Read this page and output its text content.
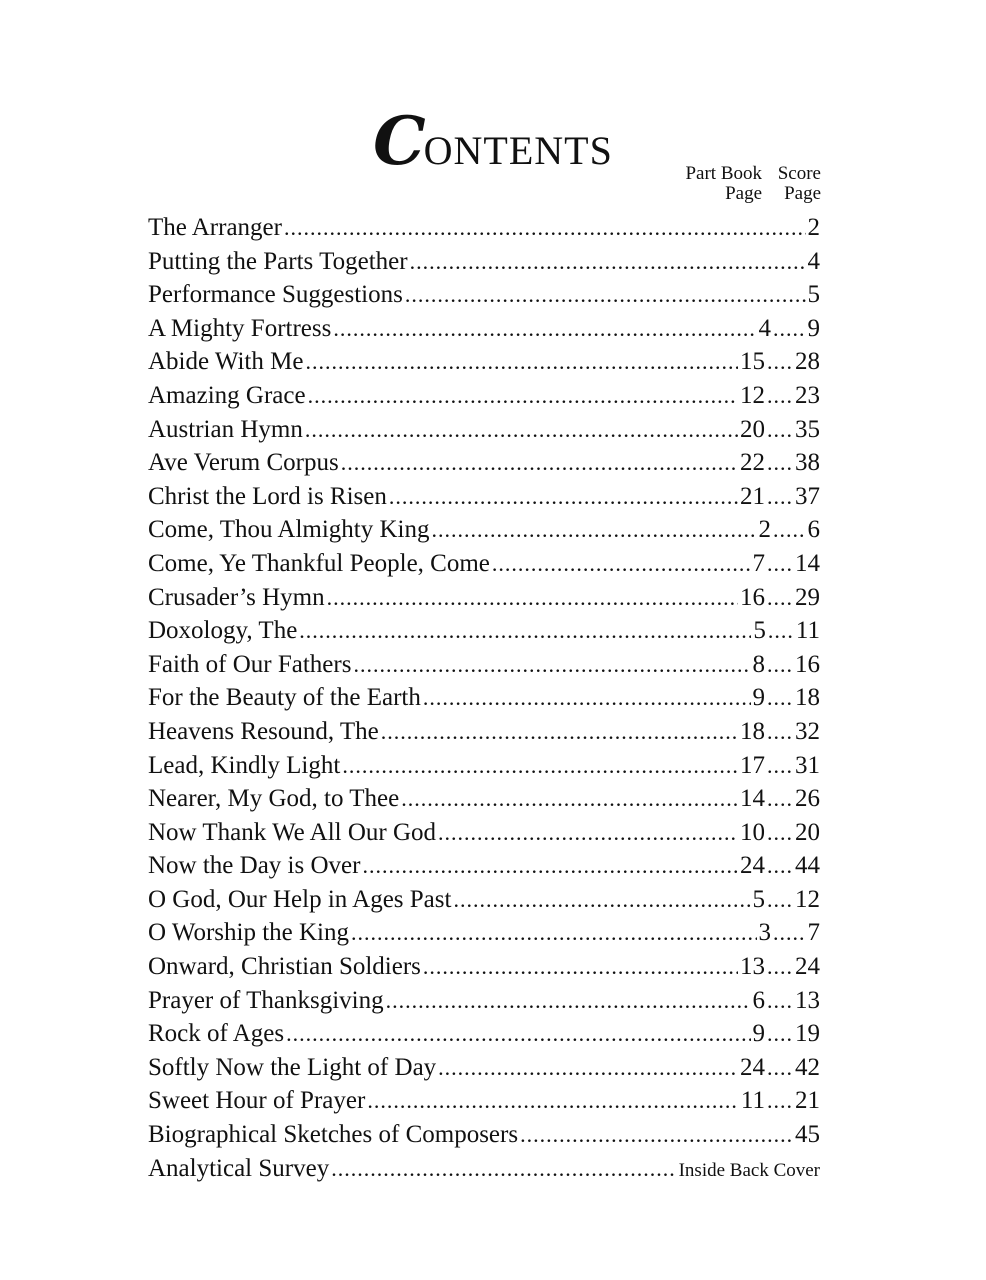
CONTENTS
Part Book
Page
Score
Page
The Arranger .....	2
Putting the Parts Together .....	4
Performance Suggestions .....	5
A Mighty Fortress .....	4 ..... 9
Abide With Me .....	15 .... 28
Amazing Grace .....	12 .... 23
Austrian Hymn .....	20 .... 35
Ave Verum Corpus .....	22 .... 38
Christ the Lord is Risen .....	21 .... 37
Come, Thou Almighty King .....	2 ..... 6
Come, Ye Thankful People, Come .....	7 .... 14
Crusader’s Hymn .....	16 .... 29
Doxology, The .....	5 .... 11
Faith of Our Fathers .....	8 .... 16
For the Beauty of the Earth .....	9 .... 18
Heavens Resound, The .....	18 .... 32
Lead, Kindly Light .....	17 .... 31
Nearer, My God, to Thee .....	14 .... 26
Now Thank We All Our God .....	10 .... 20
Now the Day is Over .....	24 .... 44
O God, Our Help in Ages Past .....	5 .... 12
O Worship the King .....	3 ..... 7
Onward, Christian Soldiers .....	13 .... 24
Prayer of Thanksgiving .....	6 .... 13
Rock of Ages .....	9 .... 19
Softly Now the Light of Day .....	24 .... 42
Sweet Hour of Prayer .....	11 .... 21
Biographical Sketches of Composers .....	45
Analytical Survey .....	Inside Back Cover
